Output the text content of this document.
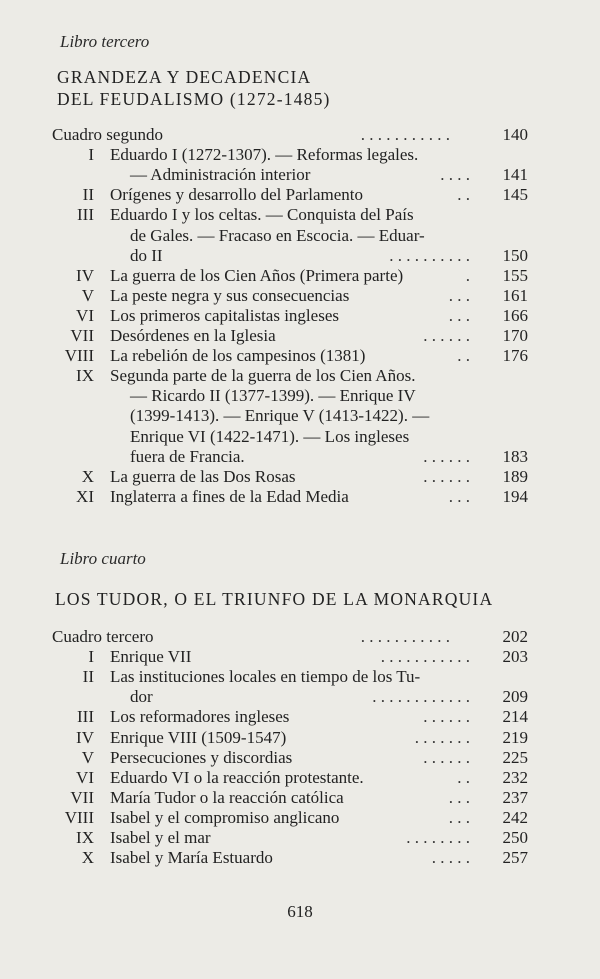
Libro tercero
GRANDEZA Y DECADENCIA
DEL FEUDALISMO (1272-1485)
Cuadro segundo	. . . . . . . . . . .	140
I Eduardo I (1272-1307). — Reformas legales.
— Administración interior	. . . . 141
II Orígenes y desarrollo del Parlamento	. . 145
III Eduardo I y los celtas. — Conquista del País
de Gales. — Fracaso en Escocia. — Eduar-
do II	. . . . . . . . . . 150
IV La guerra de los Cien Años (Primera parte)	. 155
V La peste negra y sus consecuencias	. . . 161
VI Los primeros capitalistas ingleses	. . . 166
VII Desórdenes en la Iglesia	. . . . . . 170
VIII La rebelión de los campesinos (1381)	. . 176
IX Segunda parte de la guerra de los Cien Años.
— Ricardo II (1377-1399). — Enrique IV
(1399-1413). — Enrique V (1413-1422). —
Enrique VI (1422-1471). — Los ingleses
fuera de Francia.	. . . . . . 183
X La guerra de las Dos Rosas	. . . . . . 189
XI Inglaterra a fines de la Edad Media	. . . 194
Libro cuarto
LOS TUDOR, O EL TRIUNFO DE LA MONARQUIA
Cuadro tercero	. . . . . . . . . . .	202
I Enrique VII	. . . . . . . . . . . 203
II Las instituciones locales en tiempo de los Tu-
dor	. . . . . . . . . . . . 209
III Los reformadores ingleses	. . . . . . 214
IV Enrique VIII (1509-1547)	. . . . . . . 219
V Persecuciones y discordias	. . . . . . 225
VI Eduardo VI o la reacción protestante.	. . 232
VII María Tudor o la reacción católica	. . . 237
VIII Isabel y el compromiso anglicano	. . . 242
IX Isabel y el mar	. . . . . . . . 250
X Isabel y María Estuardo	. . . . . 257
618
